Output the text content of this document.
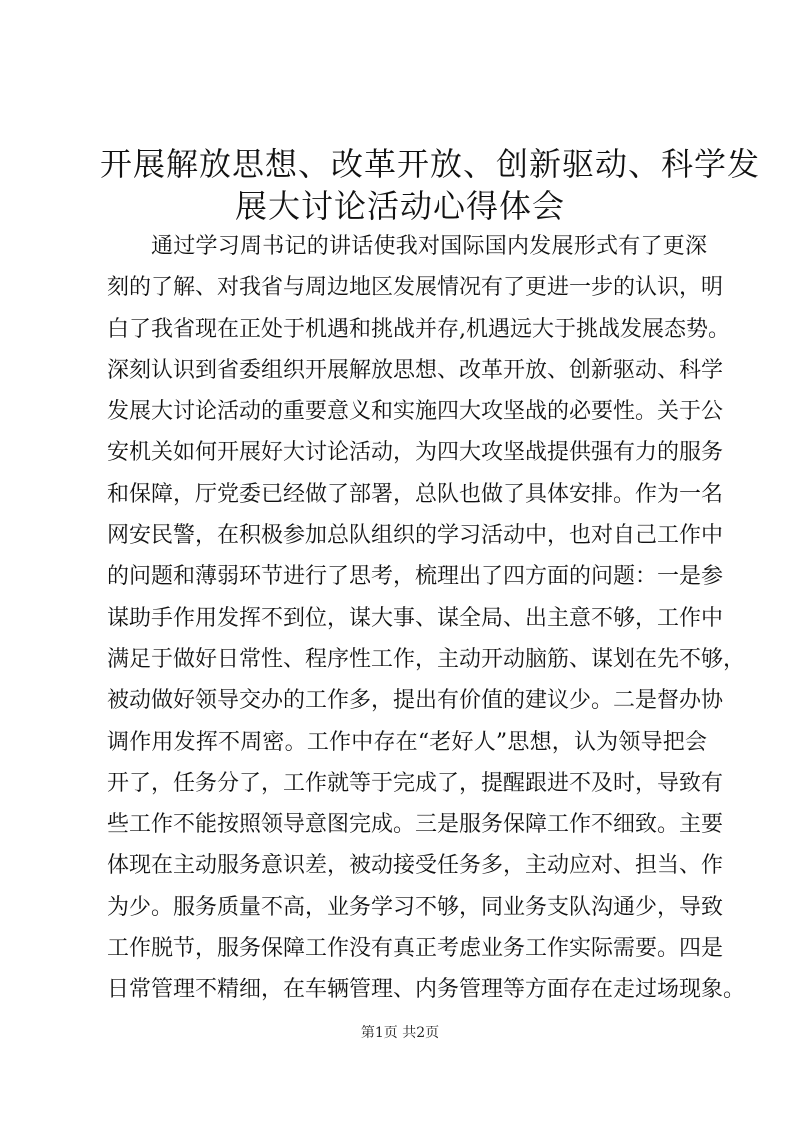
开展解放思想、改革开放、创新驱动、科学发
展大讨论活动心得体会
通过学习周书记的讲话使我对国际国内发展形式有了更深
刻的了解、对我省与周边地区发展情况有了更进一步的认识，明
白了我省现在正处于机遇和挑战并存,机遇远大于挑战发展态势。
深刻认识到省委组织开展解放思想、改革开放、创新驱动、科学
发展大讨论活动的重要意义和实施四大攻坚战的必要性。关于公
安机关如何开展好大讨论活动，为四大攻坚战提供强有力的服务
和保障，厅党委已经做了部署，总队也做了具体安排。作为一名
网安民警，在积极参加总队组织的学习活动中，也对自己工作中
的问题和薄弱环节进行了思考，梳理出了四方面的问题：一是参
谋助手作用发挥不到位，谋大事、谋全局、出主意不够，工作中
满足于做好日常性、程序性工作，主动开动脑筋、谋划在先不够，
被动做好领导交办的工作多，提出有价值的建议少。二是督办协
调作用发挥不周密。工作中存在“老好人”思想，认为领导把会
开了，任务分了，工作就等于完成了，提醒跟进不及时，导致有
些工作不能按照领导意图完成。三是服务保障工作不细致。主要
体现在主动服务意识差，被动接受任务多，主动应对、担当、作
为少。服务质量不高，业务学习不够，同业务支队沟通少，导致
工作脱节，服务保障工作没有真正考虑业务工作实际需要。四是
日常管理不精细，在车辆管理、内务管理等方面存在走过场现象。
第1页 共2页
